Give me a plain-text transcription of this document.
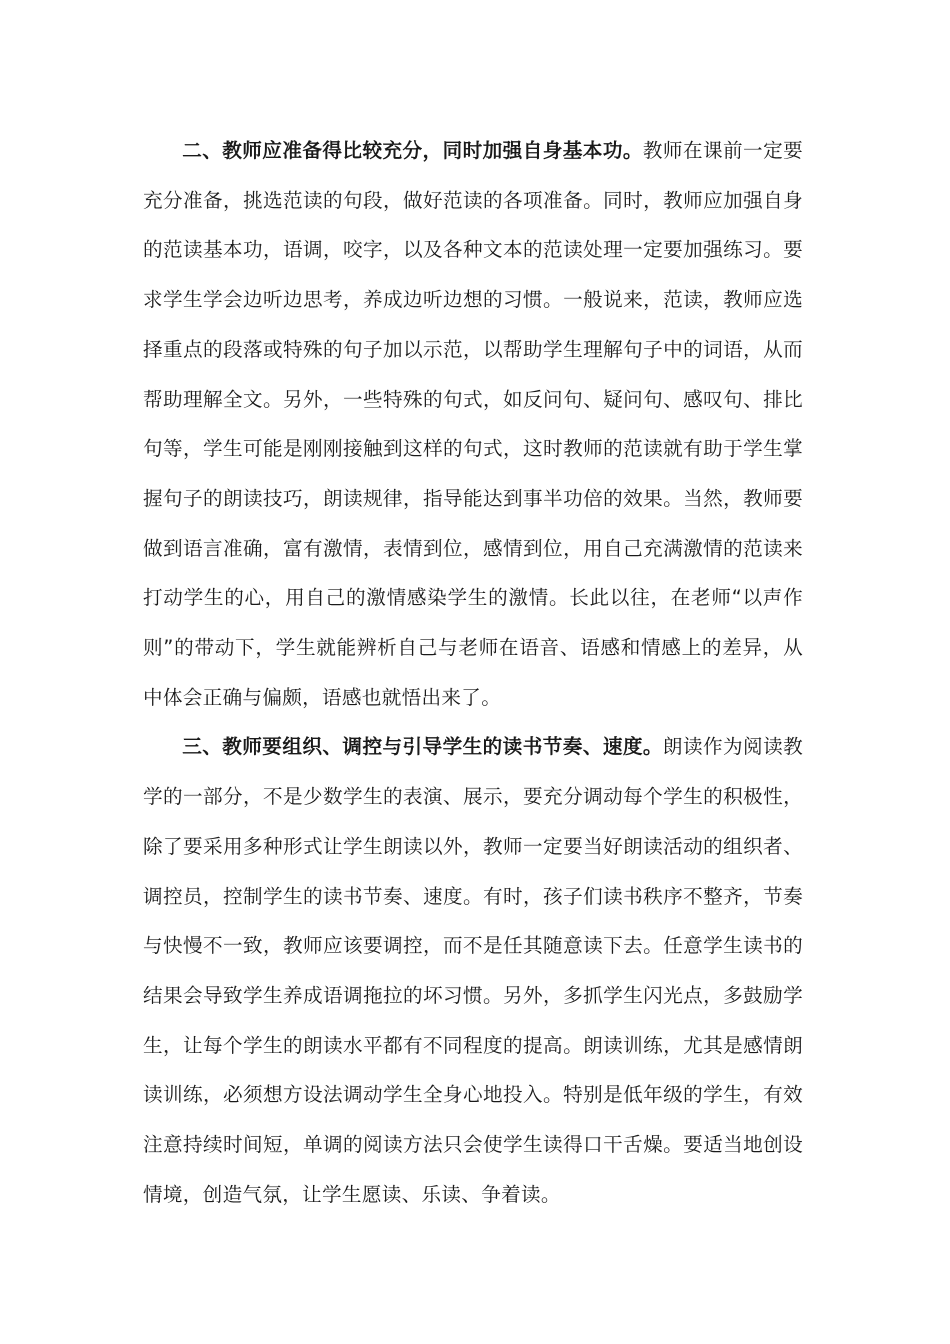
二、教师应准备得比较充分，同时加强自身基本功。教师在课前一定要充分准备，挑选范读的句段，做好范读的各项准备。同时，教师应加强自身的范读基本功，语调，咬字，以及各种文本的范读处理一定要加强练习。要求学生学会边听边思考，养成边听边想的习惯。一般说来，范读，教师应选择重点的段落或特殊的句子加以示范，以帮助学生理解句子中的词语，从而帮助理解全文。另外，一些特殊的句式，如反问句、疑问句、感叹句、排比句等，学生可能是刚刚接触到这样的句式，这时教师的范读就有助于学生掌握句子的朗读技巧，朗读规律，指导能达到事半功倍的效果。当然，教师要做到语言准确，富有激情，表情到位，感情到位，用自己充满激情的范读来打动学生的心，用自己的激情感染学生的激情。长此以往，在老师“以声作则”的带动下，学生就能辨析自己与老师在语音、语感和情感上的差异，从中体会正确与偏颇，语感也就悟出来了。

三、教师要组织、调控与引导学生的读书节奏、速度。朗读作为阅读教学的一部分，不是少数学生的表演、展示，要充分调动每个学生的积极性，除了要采用多种形式让学生朗读以外，教师一定要当好朗读活动的组织者、调控员，控制学生的读书节奏、速度。有时，孩子们读书秩序不整齐，节奏与快慢不一致，教师应该要调控，而不是任其随意读下去。任意学生读书的结果会导致学生养成语调拖拉的坏习惯。另外，多抓学生闪光点，多鼓励学生，让每个学生的朗读水平都有不同程度的提高。朗读训练，尤其是感情朗读训练，必须想方设法调动学生全身心地投入。特别是低年级的学生，有效注意持续时间短，单调的阅读方法只会使学生读得口干舌燥。要适当地创设情境，创造气氛，让学生愿读、乐读、争着读。
